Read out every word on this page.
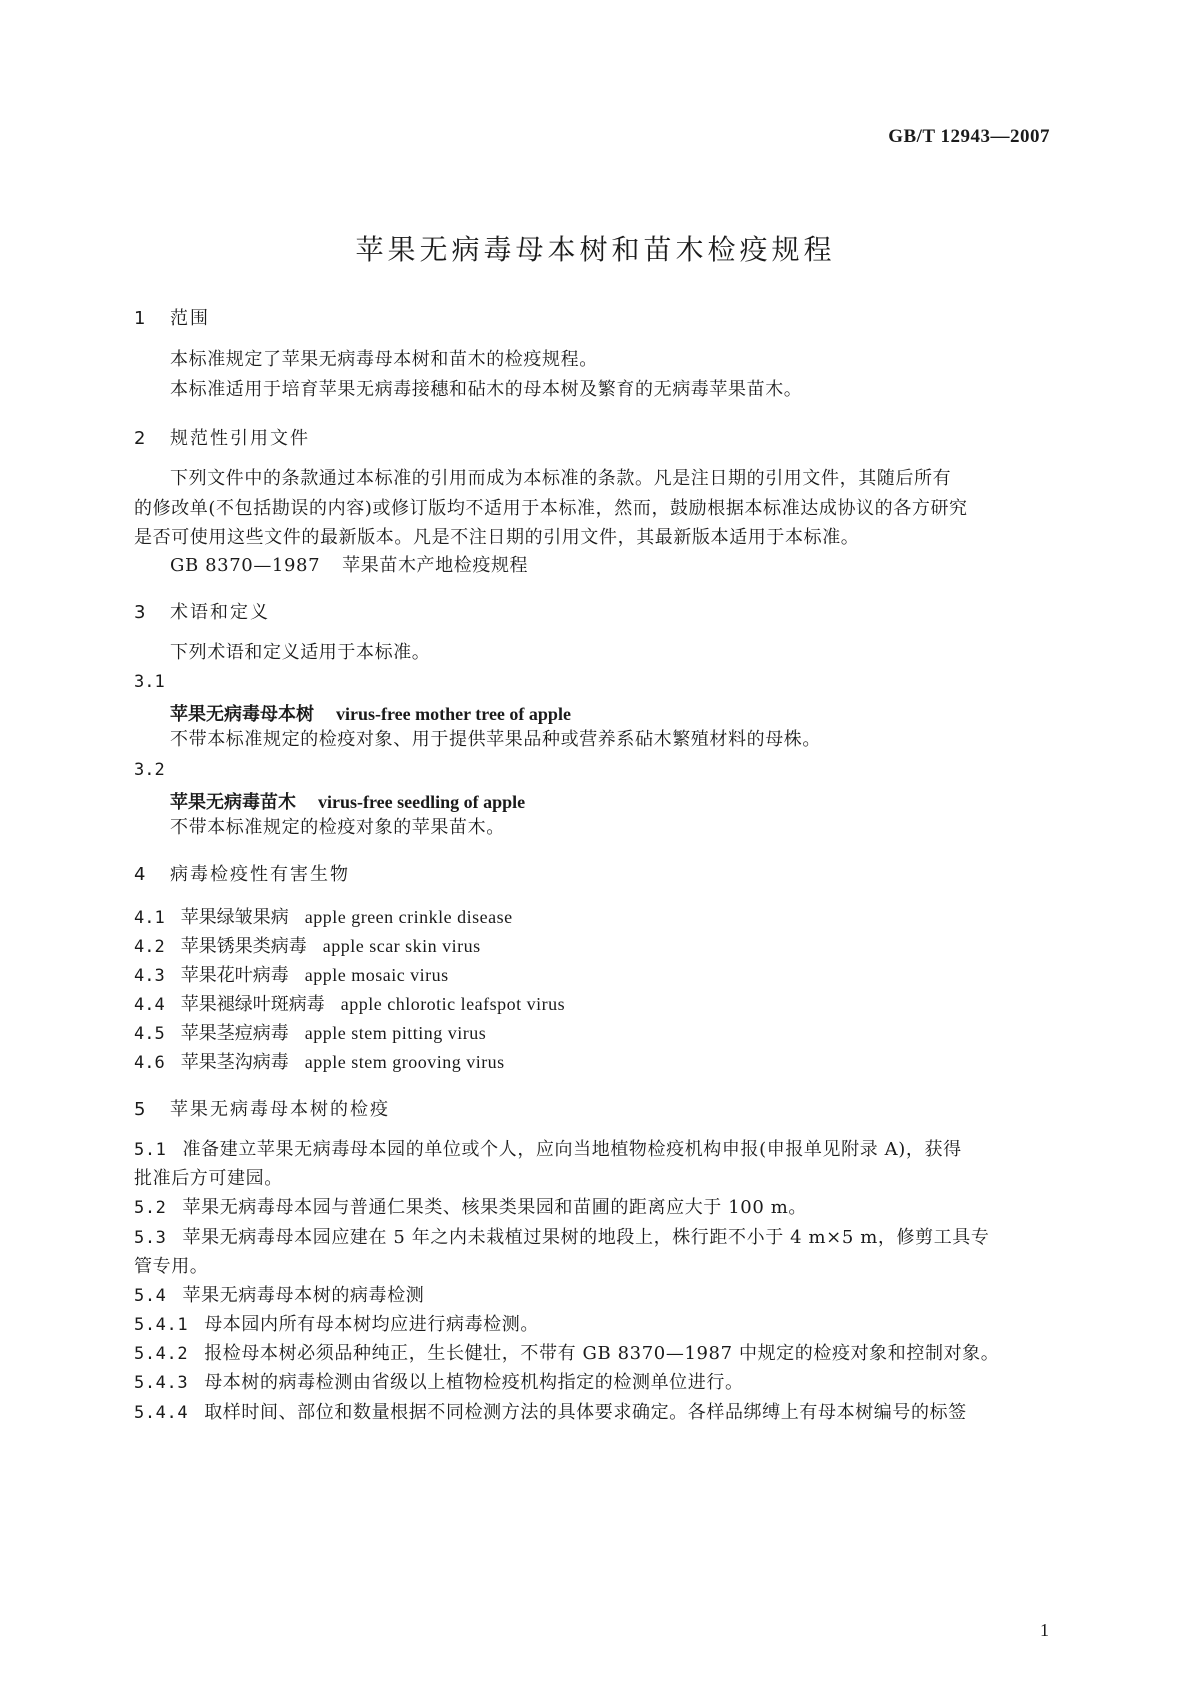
GB/T 12943—2007
苹果无病毒母本树和苗木检疫规程
1 范围
本标准规定了苹果无病毒母本树和苗木的检疫规程。
本标准适用于培育苹果无病毒接穗和砧木的母本树及繁育的无病毒苹果苗木。
2 规范性引用文件
下列文件中的条款通过本标准的引用而成为本标准的条款。凡是注日期的引用文件，其随后所有
的修改单(不包括勘误的内容)或修订版均不适用于本标准，然而，鼓励根据本标准达成协议的各方研究
是否可使用这些文件的最新版本。凡是不注日期的引用文件，其最新版本适用于本标准。
GB 8370—1987 苹果苗木产地检疫规程
3 术语和定义
下列术语和定义适用于本标准。
3.1
苹果无病毒母本树 virus-free mother tree of apple
不带本标准规定的检疫对象、用于提供苹果品种或营养系砧木繁殖材料的母株。
3.2
苹果无病毒苗木 virus-free seedling of apple
不带本标准规定的检疫对象的苹果苗木。
4 病毒检疫性有害生物
4.1 苹果绿皱果病 apple green crinkle disease
4.2 苹果锈果类病毒 apple scar skin virus
4.3 苹果花叶病毒 apple mosaic virus
4.4 苹果褪绿叶斑病毒 apple chlorotic leafspot virus
4.5 苹果茎痘病毒 apple stem pitting virus
4.6 苹果茎沟病毒 apple stem grooving virus
5 苹果无病毒母本树的检疫
5.1 准备建立苹果无病毒母本园的单位或个人，应向当地植物检疫机构申报(申报单见附录 A)，获得
批准后方可建园。
5.2 苹果无病毒母本园与普通仁果类、核果类果园和苗圃的距离应大于 100 m。
5.3 苹果无病毒母本园应建在 5 年之内未栽植过果树的地段上，株行距不小于 4 m×5 m，修剪工具专
管专用。
5.4 苹果无病毒母本树的病毒检测
5.4.1 母本园内所有母本树均应进行病毒检测。
5.4.2 报检母本树必须品种纯正，生长健壮，不带有 GB 8370—1987 中规定的检疫对象和控制对象。
5.4.3 母本树的病毒检测由省级以上植物检疫机构指定的检测单位进行。
5.4.4 取样时间、部位和数量根据不同检测方法的具体要求确定。各样品绑缚上有母本树编号的标签
1
